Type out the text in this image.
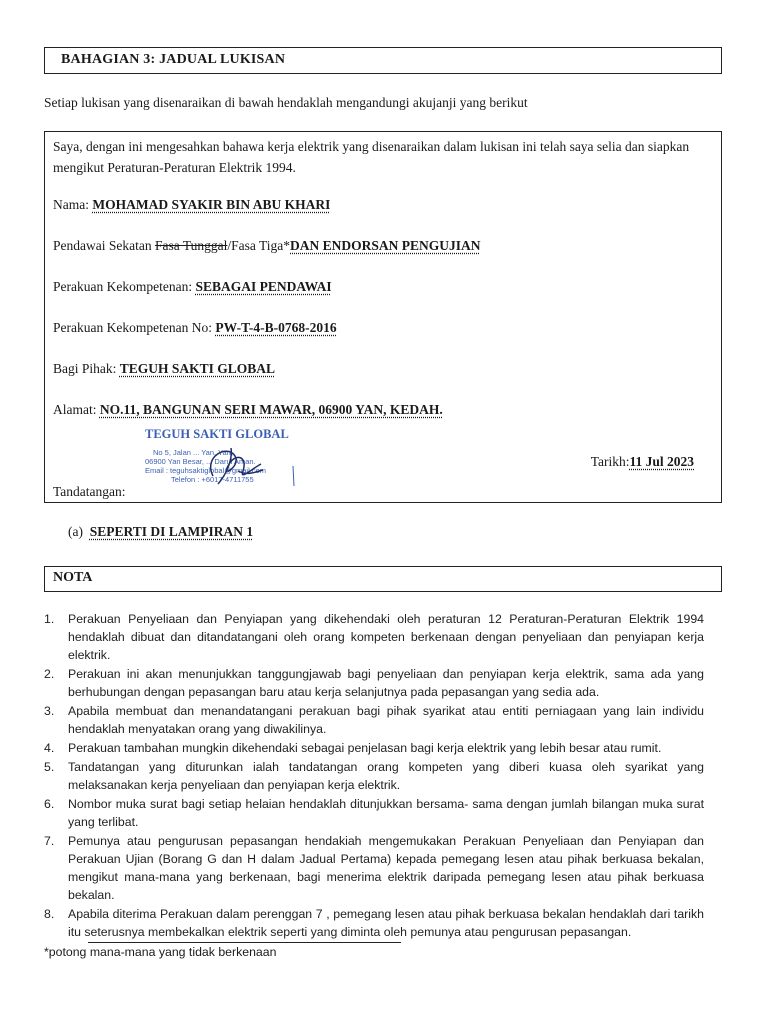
BAHAGIAN 3: JADUAL LUKISAN
Setiap lukisan yang disenaraikan di bawah hendaklah mengandungi akujanji yang berikut
Saya, dengan ini mengesahkan bahawa kerja elektrik yang disenaraikan dalam lukisan ini telah saya selia dan siapkan mengikut Peraturan-Peraturan Elektrik 1994.
Nama: MOHAMAD SYAKIR BIN ABU KHARI
Pendawai Sekatan Fasa Tunggal/Fasa Tiga*DAN ENDORSAN PENGUJIAN
Perakuan Kekompetenan: SEBAGAI PENDAWAI
Perakuan Kekompetenan No: PW-T-4-B-0768-2016
Bagi Pihak: TEGUH SAKTI GLOBAL
Alamat: NO.11, BANGUNAN SERI MAWAR, 06900 YAN, KEDAH.
TEGUH SAKTI GLOBAL
No 5, Jalan ... Yan, Yan,
06900 Yan Besar, ... Darul Aman.
Email : teguhsaktiglobal@gmail.com
Telefon : +6017-4711755
Tarikh:11 Jul 2023
Tandatangan:
(a) SEPERTI DI LAMPIRAN 1
NOTA
1. Perakuan Penyeliaan dan Penyiapan yang dikehendaki oleh peraturan 12 Peraturan-Peraturan Elektrik 1994 hendaklah dibuat dan ditandatangani oleh orang kompeten berkenaan dengan penyeliaan dan penyiapan kerja elektrik.
2. Perakuan ini akan menunjukkan tanggungjawab bagi penyeliaan dan penyiapan kerja elektrik, sama ada yang berhubungan dengan pepasangan baru atau kerja selanjutnya pada pepasangan yang sedia ada.
3. Apabila membuat dan menandatangani perakuan bagi pihak syarikat atau entiti perniagaan yang lain individu hendaklah menyatakan orang yang diwakilinya.
4. Perakuan tambahan mungkin dikehendaki sebagai penjelasan bagi kerja elektrik yang lebih besar atau rumit.
5. Tandatangan yang diturunkan ialah tandatangan orang kompeten yang diberi kuasa oleh syarikat yang melaksanakan kerja penyeliaan dan penyiapan kerja elektrik.
6. Nombor muka surat bagi setiap helaian hendaklah ditunjukkan bersama- sama dengan jumlah bilangan muka surat yang terlibat.
7. Pemunya atau pengurusan pepasangan hendakiah mengemukakan Perakuan Penyeliaan dan Penyiapan dan Perakuan Ujian (Borang G dan H dalam Jadual Pertama) kepada pemegang lesen atau pihak berkuasa bekalan, mengikut mana-mana yang berkenaan, bagi menerima elektrik daripada pemegang lesen atau pihak berkuasa bekalan.
8. Apabila diterima Perakuan dalam perenggan 7 , pemegang lesen atau pihak berkuasa bekalan hendaklah dari tarikh itu seterusnya membekalkan elektrik seperti yang diminta oleh pemunya atau pengurusan pepasangan.
*potong mana-mana yang tidak berkenaan
